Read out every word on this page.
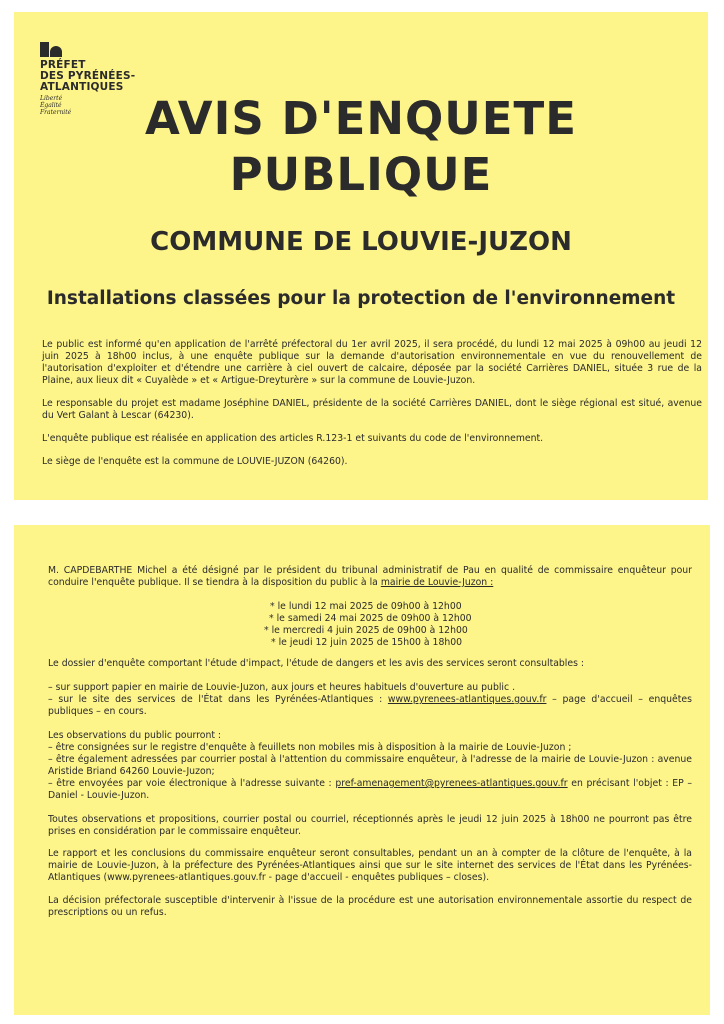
PRÉFET
DES PYRÉNÉES-
ATLANTIQUES
Liberté
Égalité
Fraternité	AVIS D'ENQUETE
PUBLIQUE
COMMUNE DE LOUVIE-JUZON
Installations classées pour la protection de l'environnement

Le public est informé qu'en application de l'arrêté préfectoral du 1er avril 2025, il sera procédé, du lundi 12 mai 2025 à 09h00 au jeudi 12 juin 2025 à 18h00 inclus, à une enquête publique sur la demande d'autorisation environnementale en vue du renouvellement de l'autorisation d'exploiter et d'étendre une carrière à ciel ouvert de calcaire, déposée par la société Carrières DANIEL, située 3 rue de la Plaine, aux lieux dit « Cuyalède » et « Artigue-Dreyturère » sur la commune de Louvie-Juzon.

Le responsable du projet est madame Joséphine DANIEL, présidente de la société Carrières DANIEL, dont le siège régional est situé, avenue du Vert Galant à Lescar (64230).

L'enquête publique est réalisée en application des articles R.123-1 et suivants du code de l'environnement.

Le siège de l'enquête est la commune de LOUVIE-JUZON (64260).

M. CAPDEBARTHE Michel a été désigné par le président du tribunal administratif de Pau en qualité de commissaire enquêteur pour conduire l'enquête publique. Il se tiendra à la disposition du public à la mairie de Louvie-Juzon :

* le lundi 12 mai 2025 de 09h00 à 12h00
* le samedi 24 mai 2025 de 09h00 à 12h00
* le mercredi 4 juin 2025 de 09h00 à 12h00
* le jeudi 12 juin 2025 de 15h00 à 18h00

Le dossier d'enquête comportant l'étude d'impact, l'étude de dangers et les avis des services seront consultables :

– sur support papier en mairie de Louvie-Juzon, aux jours et heures habituels d'ouverture au public .

– sur le site des services de l'État dans les Pyrénées-Atlantiques : www.pyrenees-atlantiques.gouv.fr – page d'accueil – enquêtes publiques – en cours.

Les observations du public pourront :

– être consignées sur le registre d'enquête à feuillets non mobiles mis à disposition à la mairie de Louvie-Juzon ;

– être également adressées par courrier postal à l'attention du commissaire enquêteur, à l'adresse de la mairie de Louvie-Juzon : avenue Aristide Briand 64260 Louvie-Juzon;

– être envoyées par voie électronique à l'adresse suivante : pref-amenagement@pyrenees-atlantiques.gouv.fr en précisant l'objet : EP – Daniel - Louvie-Juzon.

Toutes observations et propositions, courrier postal ou courriel, réceptionnés après le jeudi 12 juin 2025 à 18h00 ne pourront pas être prises en considération par le commissaire enquêteur.

Le rapport et les conclusions du commissaire enquêteur seront consultables, pendant un an à compter de la clôture de l'enquête, à la mairie de Louvie-Juzon, à la préfecture des Pyrénées-Atlantiques ainsi que sur le site internet des services de l'État dans les Pyrénées-Atlantiques (www.pyrenees-atlantiques.gouv.fr - page d'accueil - enquêtes publiques – closes).

La décision préfectorale susceptible d'intervenir à l'issue de la procédure est une autorisation environnementale assortie du respect de prescriptions ou un refus.
